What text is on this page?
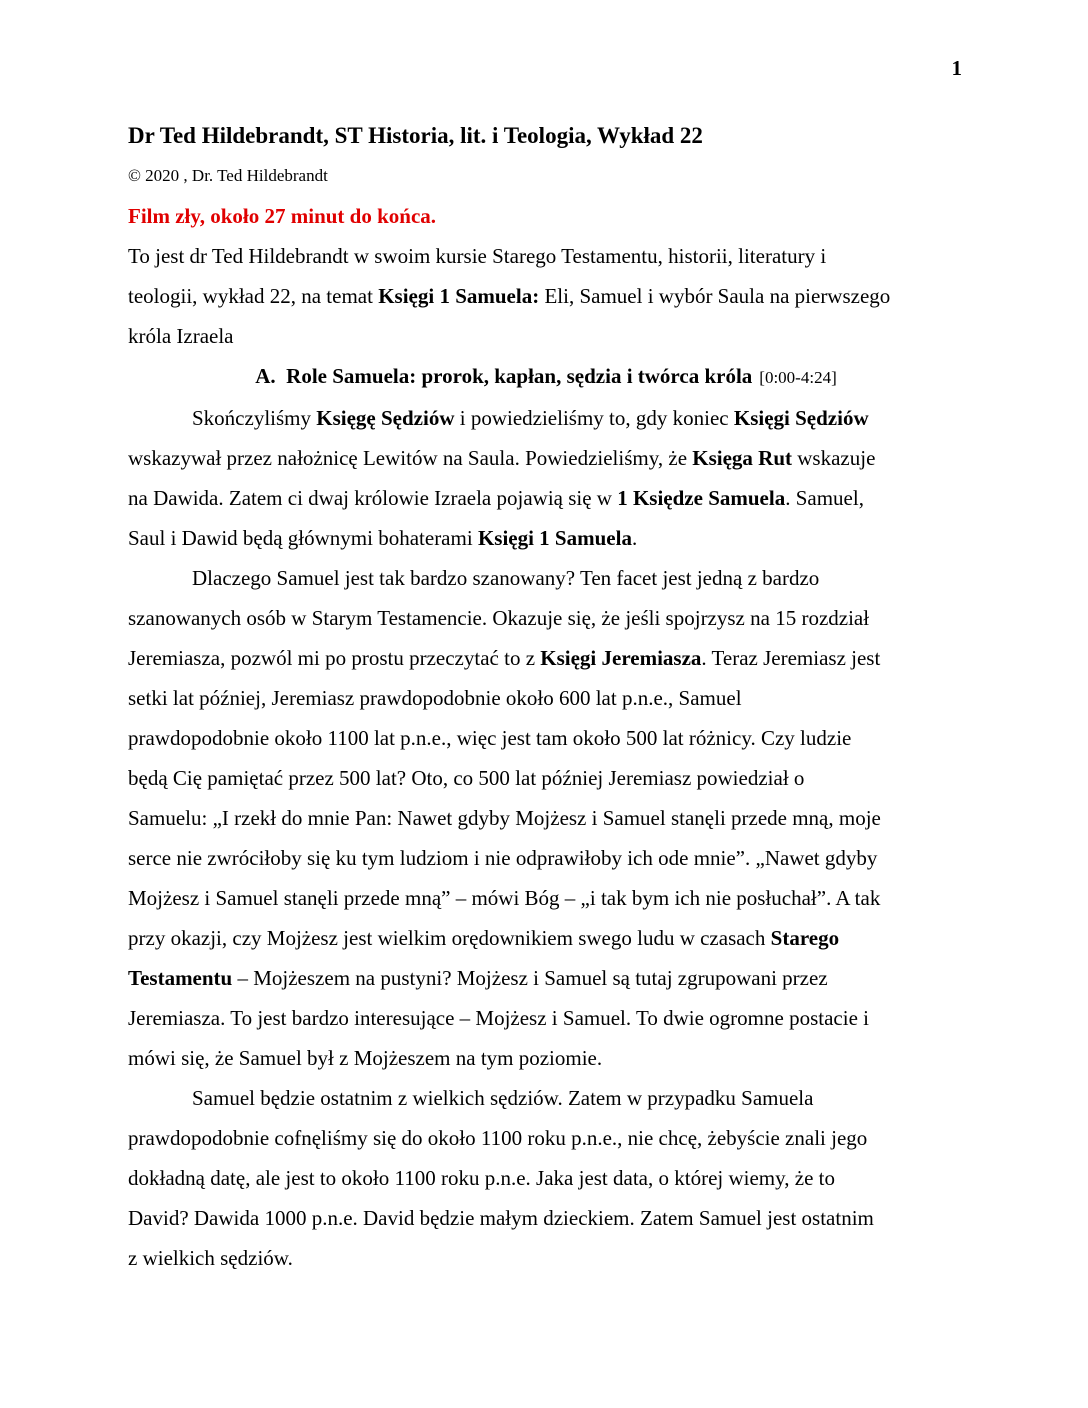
1
Dr Ted Hildebrandt, ST Historia, lit. i Teologia, Wykład 22
© 2020 , Dr. Ted Hildebrandt
Film zły, około 27 minut do końca.
To jest dr Ted Hildebrandt w swoim kursie Starego Testamentu, historii, literatury i
teologii, wykład 22, na temat Księgi 1 Samuela: Eli, Samuel i wybór Saula na pierwszego
króla Izraela
A.  Role Samuela: prorok, kapłan, sędzia i twórca króla [0:00-4:24]
Skończyliśmy Księgę Sędziów i powiedzieliśmy to, gdy koniec Księgi Sędziów
wskazywał przez nałożnicę Lewitów na Saula. Powiedzieliśmy, że Księga Rut wskazuje
na Dawida. Zatem ci dwaj królowie Izraela pojawią się w 1 Księdze Samuela. Samuel,
Saul i Dawid będą głównymi bohaterami Księgi 1 Samuela.
Dlaczego Samuel jest tak bardzo szanowany? Ten facet jest jedną z bardzo
szanowanych osób w Starym Testamencie. Okazuje się, że jeśli spojrzysz na 15 rozdział
Jeremiasza, pozwól mi po prostu przeczytać to z Księgi Jeremiasza. Teraz Jeremiasz jest
setki lat później, Jeremiasz prawdopodobnie około 600 lat p.n.e., Samuel
prawdopodobnie około 1100 lat p.n.e., więc jest tam około 500 lat różnicy. Czy ludzie
będą Cię pamiętać przez 500 lat? Oto, co 500 lat później Jeremiasz powiedział o
Samuelu: „I rzekł do mnie Pan: Nawet gdyby Mojżesz i Samuel stanęli przede mną, moje
serce nie zwróciłoby się ku tym ludziom i nie odprawiłoby ich ode mnie”. „Nawet gdyby
Mojżesz i Samuel stanęli przede mną” – mówi Bóg – „i tak bym ich nie posłuchał”. A tak
przy okazji, czy Mojżesz jest wielkim orędownikiem swego ludu w czasach Starego
Testamentu – Mojżeszem na pustyni? Mojżesz i Samuel są tutaj zgrupowani przez
Jeremiasza. To jest bardzo interesujące – Mojżesz i Samuel. To dwie ogromne postacie i
mówi się, że Samuel był z Mojżeszem na tym poziomie.
Samuel będzie ostatnim z wielkich sędziów. Zatem w przypadku Samuela
prawdopodobnie cofnęliśmy się do około 1100 roku p.n.e., nie chcę, żebyście znali jego
dokładną datę, ale jest to około 1100 roku p.n.e. Jaka jest data, o której wiemy, że to
David? Dawida 1000 p.n.e. David będzie małym dzieckiem. Zatem Samuel jest ostatnim
z wielkich sędziów.
